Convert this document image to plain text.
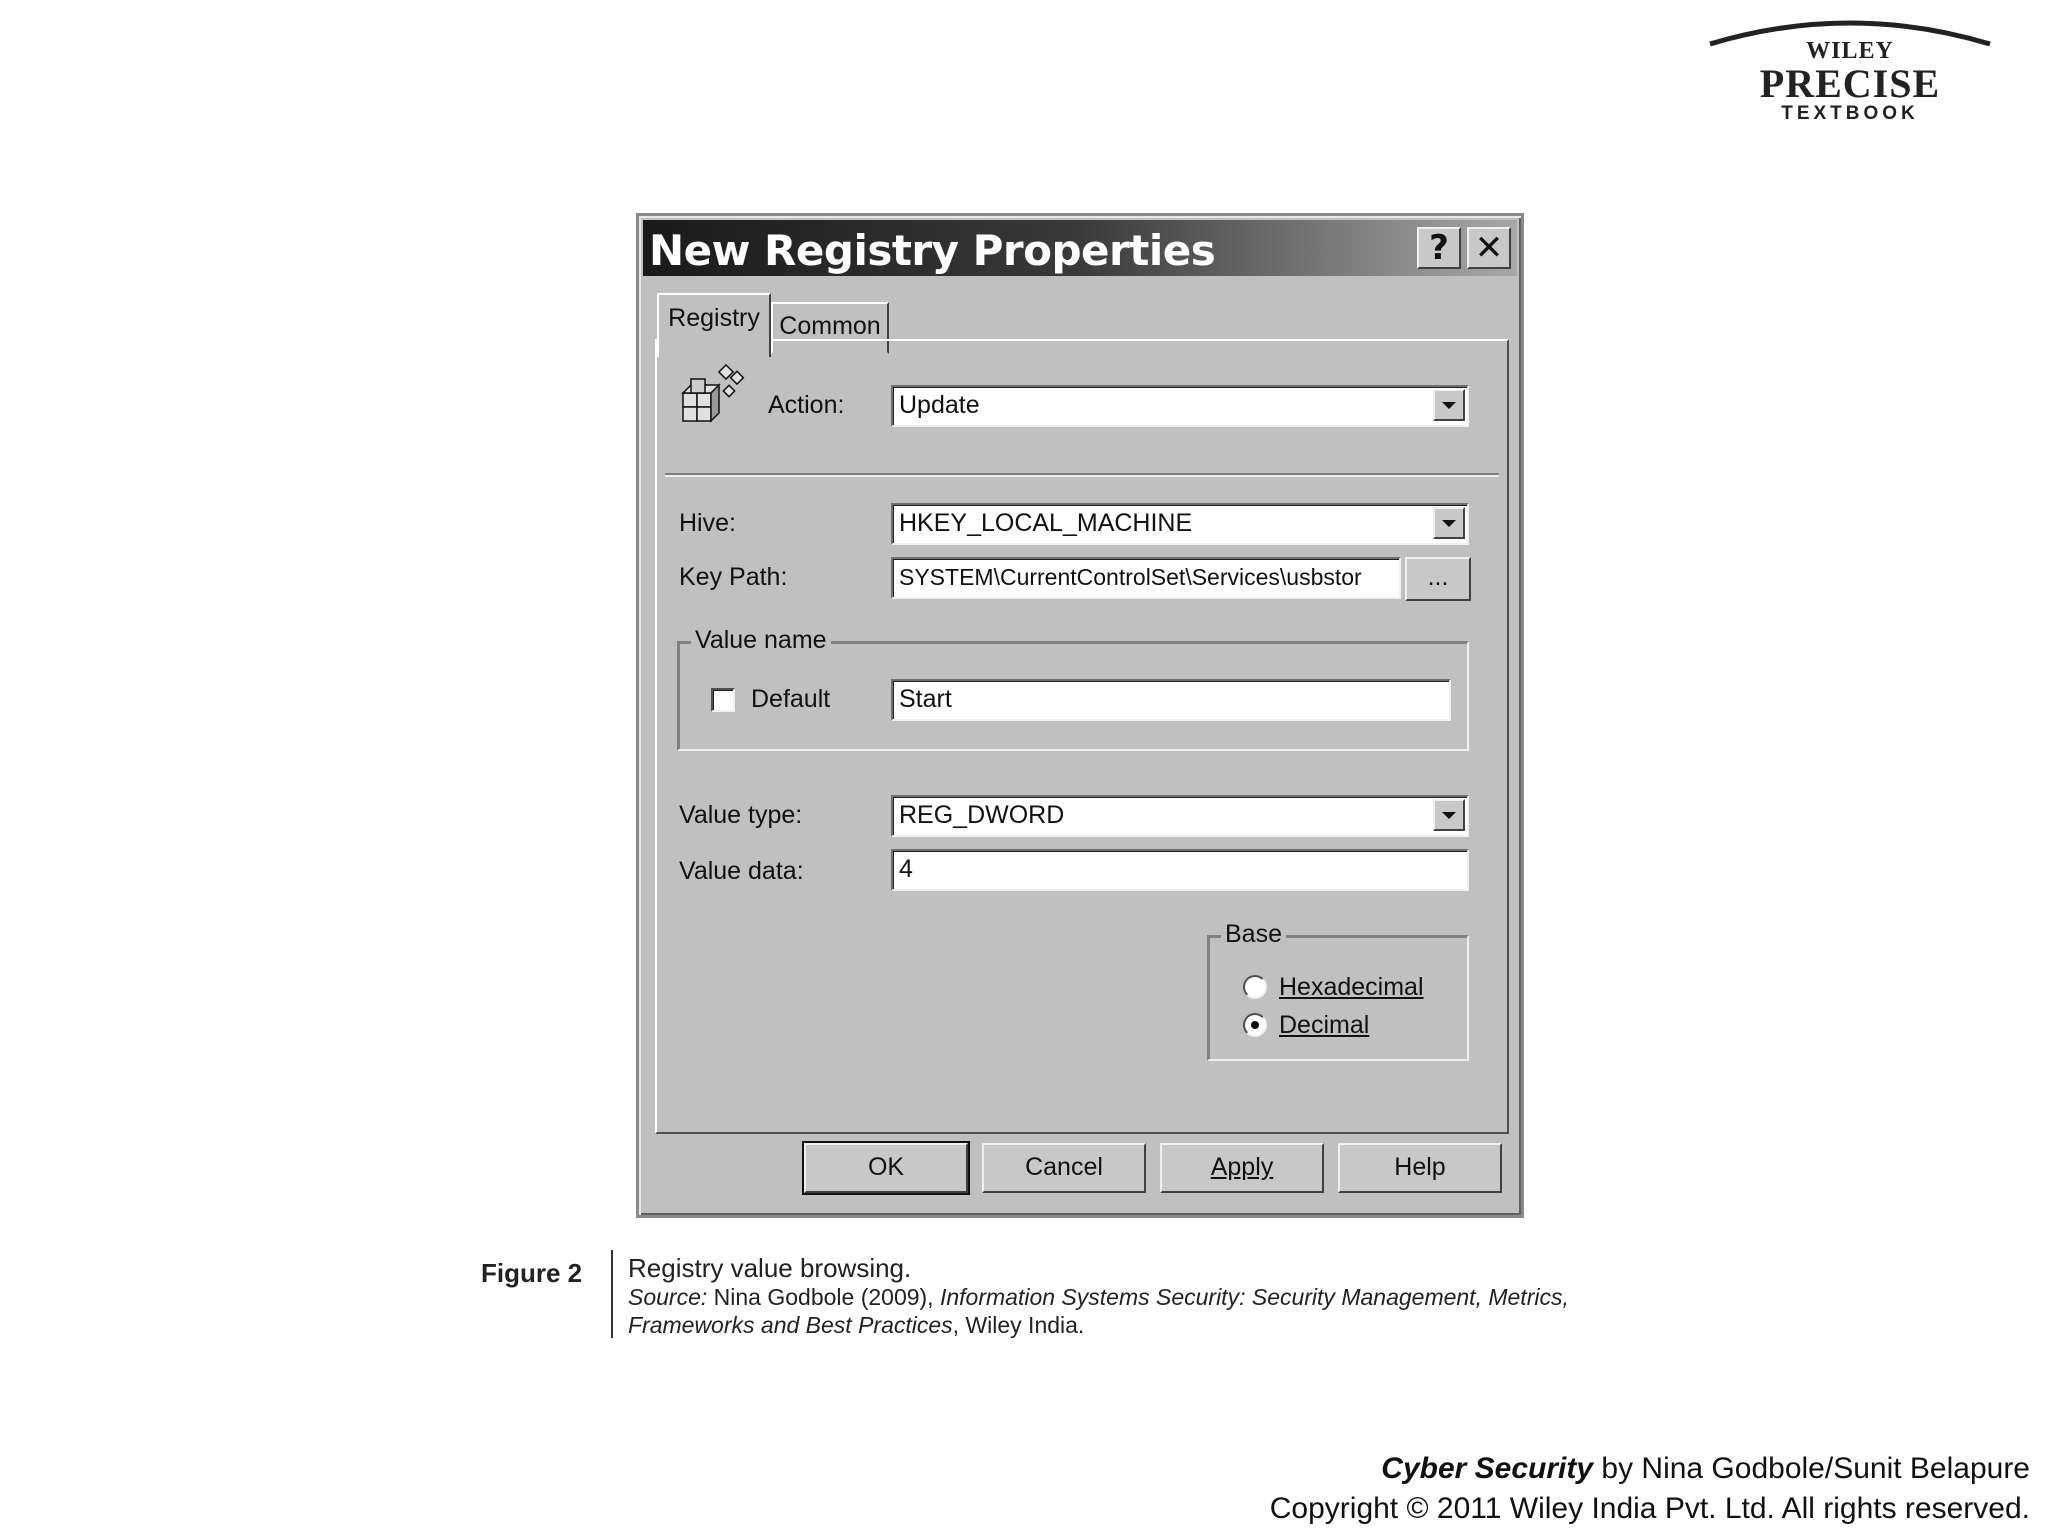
WILEY
PRECISE
TEXTBOOK
New Registry Properties	? ✕
Registry Common
Action:	Update
Hive:	HKEY_LOCAL_MACHINE
Key Path:	SYSTEM\CurrentControlSet\Services\usbstor	...
Value name
Default	Start
Value type:	REG_DWORD
Value data:	4
Base
Hexadecimal
Decimal
OK	Cancel	Apply	Help
Figure 2 Registry value browsing.
Source: Nina Godbole (2009), Information Systems Security: Security Management, Metrics, Frameworks and Best Practices, Wiley India.
Cyber Security by Nina Godbole/Sunit Belapure
Copyright © 2011 Wiley India Pvt. Ltd. All rights reserved.
